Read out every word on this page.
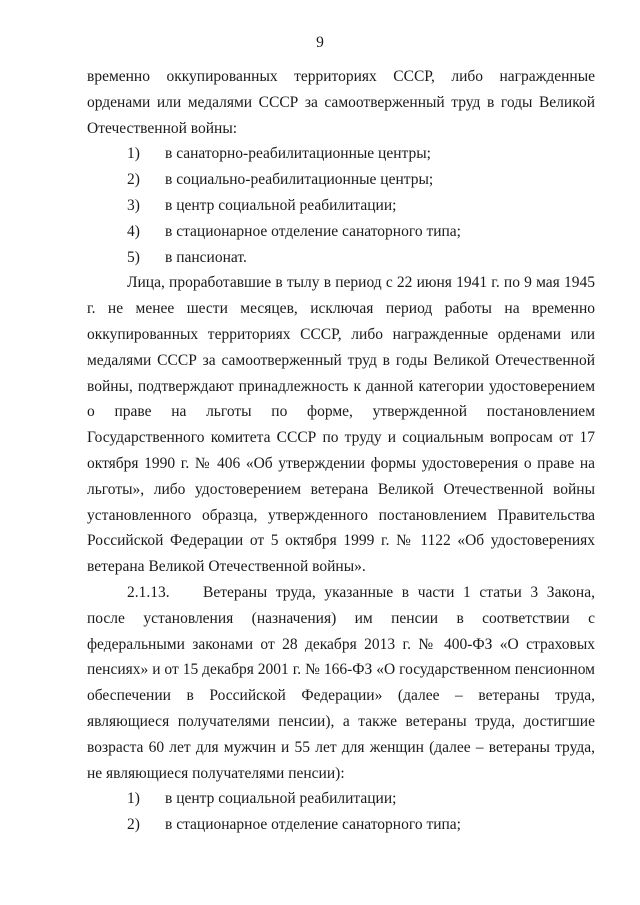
9

временно оккупированных территориях СССР, либо награжденные орденами или медалями СССР за самоотверженный труд в годы Великой Отечественной войны:

1) в санаторно-реабилитационные центры;

2) в социально-реабилитационные центры;

3) в центр социальной реабилитации;

4) в стационарное отделение санаторного типа;

5) в пансионат.

Лица, проработавшие в тылу в период с 22 июня 1941 г. по 9 мая 1945 г. не менее шести месяцев, исключая период работы на временно оккупированных территориях СССР, либо награжденные орденами или медалями СССР за самоотверженный труд в годы Великой Отечественной войны, подтверждают принадлежность к данной категории удостоверением о праве на льготы по форме, утвержденной постановлением Государственного комитета СССР по труду и социальным вопросам от 17 октября 1990 г. № 406 «Об утверждении формы удостоверения о праве на льготы», либо удостоверением ветерана Великой Отечественной войны установленного образца, утвержденного постановлением Правительства Российской Федерации от 5 октября 1999 г. № 1122 «Об удостоверениях ветерана Великой Отечественной войны».

2.1.13. Ветераны труда, указанные в части 1 статьи 3 Закона, после установления (назначения) им пенсии в соответствии с федеральными законами от 28 декабря 2013 г. № 400-ФЗ «О страховых пенсиях» и от 15 декабря 2001 г. № 166-ФЗ «О государственном пенсионном обеспечении в Российской Федерации» (далее – ветераны труда, являющиеся получателями пенсии), а также ветераны труда, достигшие возраста 60 лет для мужчин и 55 лет для женщин (далее – ветераны труда, не являющиеся получателями пенсии):

1) в центр социальной реабилитации;

2) в стационарное отделение санаторного типа;
